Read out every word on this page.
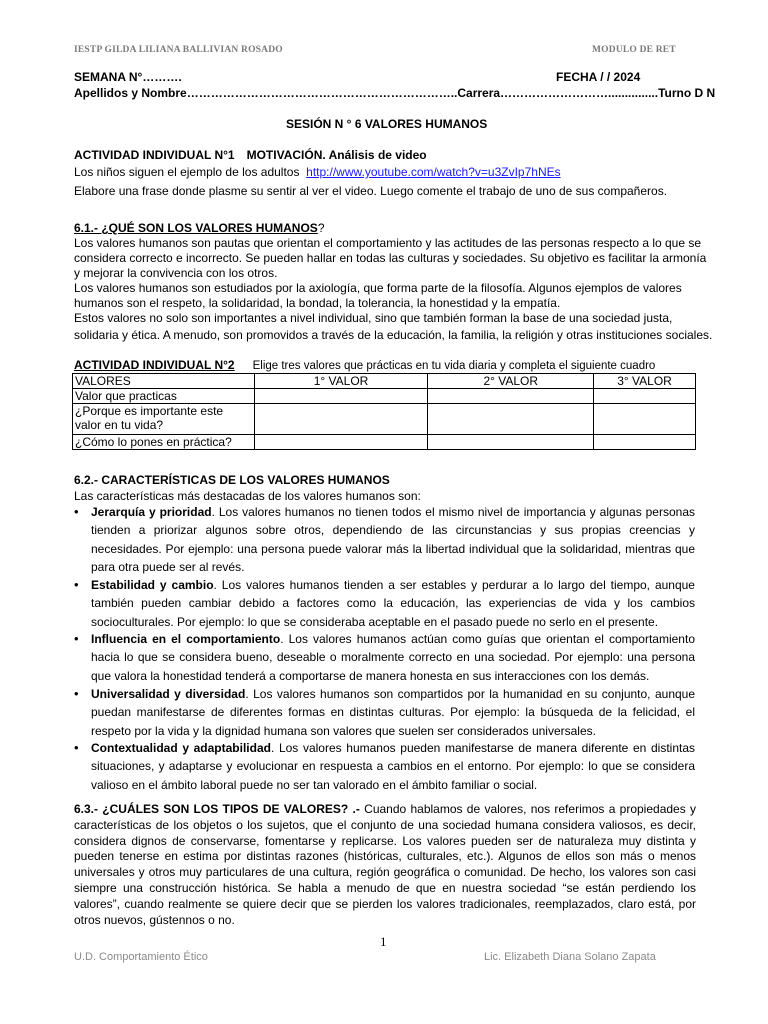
IESTP GILDA LILIANA BALLIVIAN ROSADO	MODULO DE RET
SEMANA N°……….	FECHA / / 2024
Apellidos y Nombre…………………………………………………………..Carrera………………………...............Turno D N
SESIÓN N ° 6 VALORES HUMANOS
ACTIVIDAD INDIVIDUAL N°1 MOTIVACIÓN. Análisis de video
Los niños siguen el ejemplo de los adultos http://www.youtube.com/watch?v=u3ZvIp7hNEs
Elabore una frase donde plasme su sentir al ver el video. Luego comente el trabajo de uno de sus compañeros.
6.1.- ¿QUÉ SON LOS VALORES HUMANOS?
Los valores humanos son pautas que orientan el comportamiento y las actitudes de las personas respecto a lo que se
considera correcto e incorrecto. Se pueden hallar en todas las culturas y sociedades. Su objetivo es facilitar la armonía
y mejorar la convivencia con los otros.
Los valores humanos son estudiados por la axiología, que forma parte de la filosofía. Algunos ejemplos de valores
humanos son el respeto, la solidaridad, la bondad, la tolerancia, la honestidad y la empatía.
Estos valores no solo son importantes a nivel individual, sino que también forman la base de una sociedad justa,
solidaria y ética. A menudo, son promovidos a través de la educación, la familia, la religión y otras instituciones sociales.
ACTIVIDAD INDIVIDUAL N°2 Elige tres valores que prácticas en tu vida diaria y completa el siguiente cuadro
VALORES	1° VALOR	2° VALOR	3° VALOR
Valor que practicas			
¿Porque es importante este valor en tu vida?			
¿Cómo lo pones en práctica?			
6.2.- CARACTERÍSTICAS DE LOS VALORES HUMANOS
Las características más destacadas de los valores humanos son:
• Jerarquía y prioridad. Los valores humanos no tienen todos el mismo nivel de importancia y algunas personas tienden a priorizar algunos sobre otros, dependiendo de las circunstancias y sus propias creencias y necesidades. Por ejemplo: una persona puede valorar más la libertad individual que la solidaridad, mientras que para otra puede ser al revés.
• Estabilidad y cambio. Los valores humanos tienden a ser estables y perdurar a lo largo del tiempo, aunque también pueden cambiar debido a factores como la educación, las experiencias de vida y los cambios socioculturales. Por ejemplo: lo que se consideraba aceptable en el pasado puede no serlo en el presente.
• Influencia en el comportamiento. Los valores humanos actúan como guías que orientan el comportamiento hacia lo que se considera bueno, deseable o moralmente correcto en una sociedad. Por ejemplo: una persona que valora la honestidad tenderá a comportarse de manera honesta en sus interacciones con los demás.
• Universalidad y diversidad. Los valores humanos son compartidos por la humanidad en su conjunto, aunque puedan manifestarse de diferentes formas en distintas culturas. Por ejemplo: la búsqueda de la felicidad, el respeto por la vida y la dignidad humana son valores que suelen ser considerados universales.
• Contextualidad y adaptabilidad. Los valores humanos pueden manifestarse de manera diferente en distintas situaciones, y adaptarse y evolucionar en respuesta a cambios en el entorno. Por ejemplo: lo que se considera valioso en el ámbito laboral puede no ser tan valorado en el ámbito familiar o social.
6.3.- ¿CUÁLES SON LOS TIPOS DE VALORES? .- Cuando hablamos de valores, nos referimos a propiedades y características de los objetos o los sujetos, que el conjunto de una sociedad humana considera valiosos, es decir, considera dignos de conservarse, fomentarse y replicarse. Los valores pueden ser de naturaleza muy distinta y pueden tenerse en estima por distintas razones (históricas, culturales, etc.). Algunos de ellos son más o menos universales y otros muy particulares de una cultura, región geográfica o comunidad. De hecho, los valores son casi siempre una construcción histórica. Se habla a menudo de que en nuestra sociedad “se están perdiendo los valores”, cuando realmente se quiere decir que se pierden los valores tradicionales, reemplazados, claro está, por otros nuevos, gústennos o no.
1
U.D. Comportamiento Ético	Lic. Elizabeth Diana Solano Zapata
